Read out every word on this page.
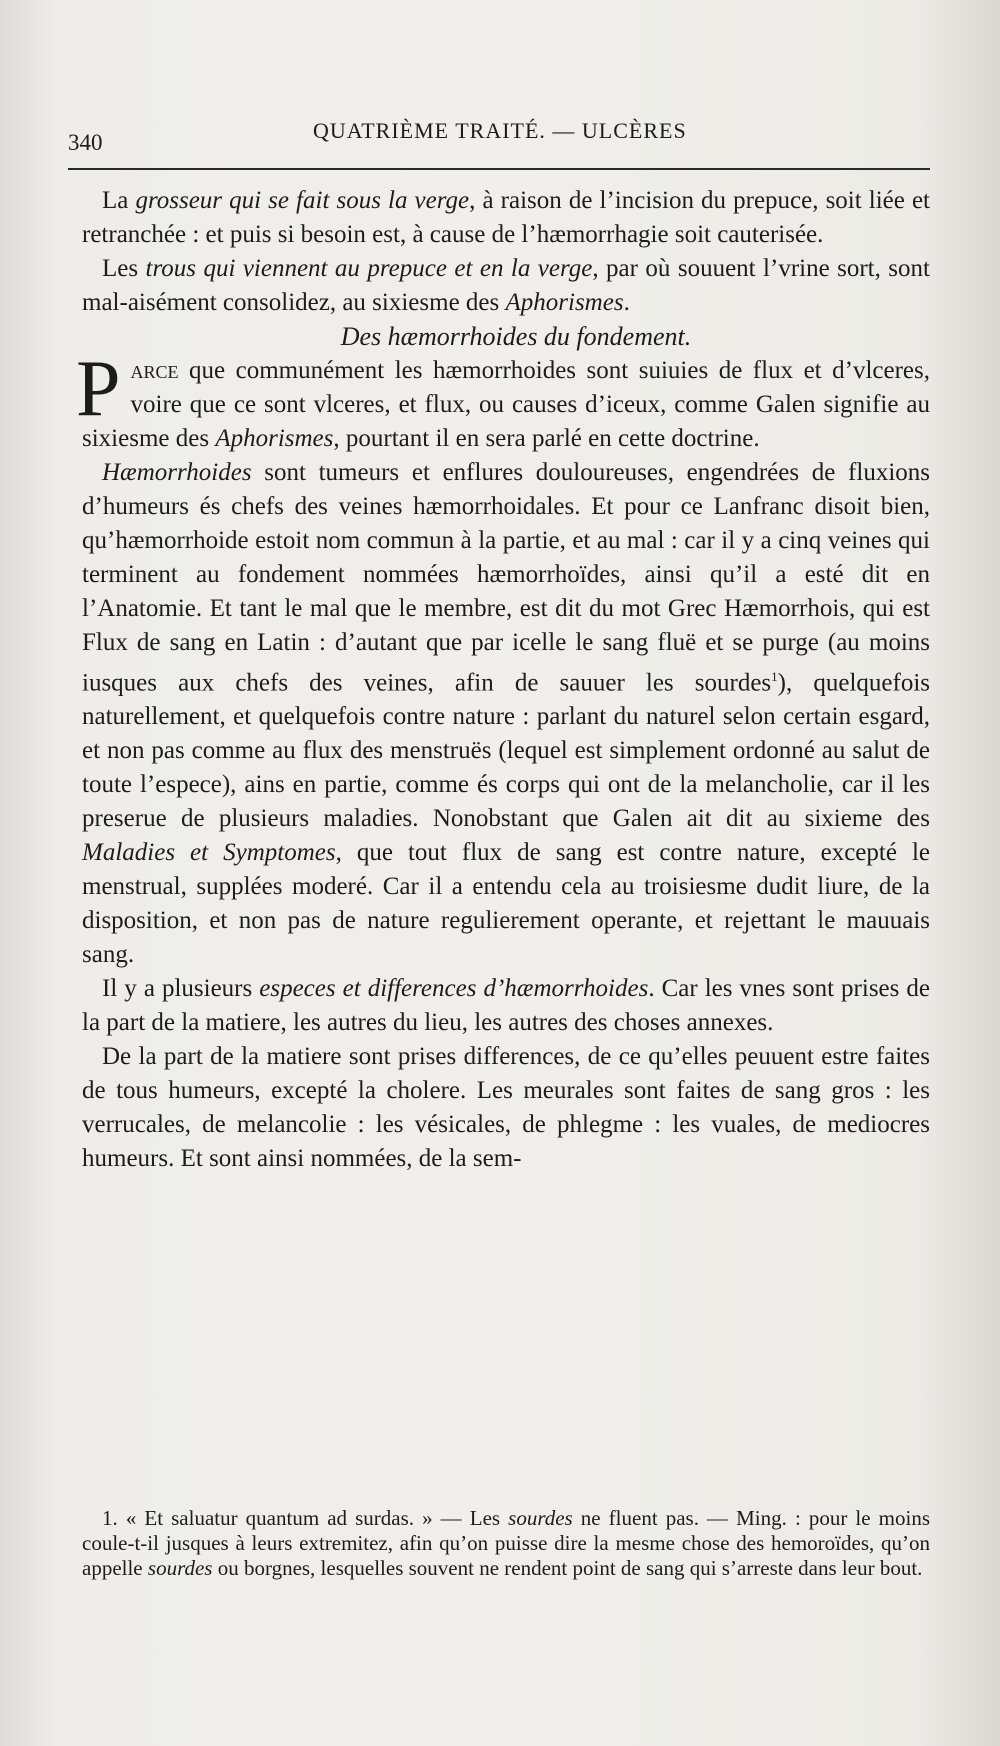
340	QUATRIÈME TRAITÉ. — ULCÈRES

La grosseur qui se fait sous la verge, à raison de l’incision du prepuce, soit liée et retranchée : et puis si besoin est, à cause de l’hæmorrhagie soit cauterisée.

Les trous qui viennent au prepuce et en la verge, par où souuent l’vrine sort, sont mal-aisément consolidez, au sixiesme des Aphorismes.

Des hæmorrhoides du fondement.

Parce que communément les hæmorrhoides sont suiuies de flux et d’vlceres, voire que ce sont vlceres, et flux, ou causes d’iceux, comme Galen signifie au sixiesme des Aphorismes, pourtant il en sera parlé en cette doctrine.

Hæmorrhoides sont tumeurs et enflures douloureuses, engendrées de fluxions d’humeurs és chefs des veines hæmorrhoidales. Et pour ce Lanfranc disoit bien, qu’hæmorrhoide estoit nom commun à la partie, et au mal : car il y a cinq veines qui terminent au fondement nommées hæmorrhoïdes, ainsi qu’il a esté dit en l’Anatomie. Et tant le mal que le membre, est dit du mot Grec Hæmorrhois, qui est Flux de sang en Latin : d’autant que par icelle le sang fluë et se purge (au moins iusques aux chefs des veines, afin de sauuer les sourdes$^1$), quelquefois naturellement, et quelquefois contre nature : parlant du naturel selon certain esgard, et non pas comme au flux des menstruës (lequel est simplement ordonné au salut de toute l’espece), ains en partie, comme és corps qui ont de la melancholie, car il les preserue de plusieurs maladies. Nonobstant que Galen ait dit au sixieme des Maladies et Symptomes, que tout flux de sang est contre nature, excepté le menstrual, supplées moderé. Car il a entendu cela au troisiesme dudit liure, de la disposition, et non pas de nature regulierement operante, et rejettant le mauuais sang.

Il y a plusieurs especes et differences d’hæmorrhoides. Car les vnes sont prises de la part de la matiere, les autres du lieu, les autres des choses annexes.

De la part de la matiere sont prises differences, de ce qu’elles peuuent estre faites de tous humeurs, excepté la cholere. Les meurales sont faites de sang gros : les verrucales, de melancolie : les vésicales, de phlegme : les vuales, de mediocres humeurs. Et sont ainsi nommées, de la sem-

1. « Et saluatur quantum ad surdas. » — Les sourdes ne fluent pas. — Ming. : pour le moins coule-t-il jusques à leurs extremitez, afin qu’on puisse dire la mesme chose des hemoroïdes, qu’on appelle sourdes ou borgnes, lesquelles souvent ne rendent point de sang qui s’arreste dans leur bout.
